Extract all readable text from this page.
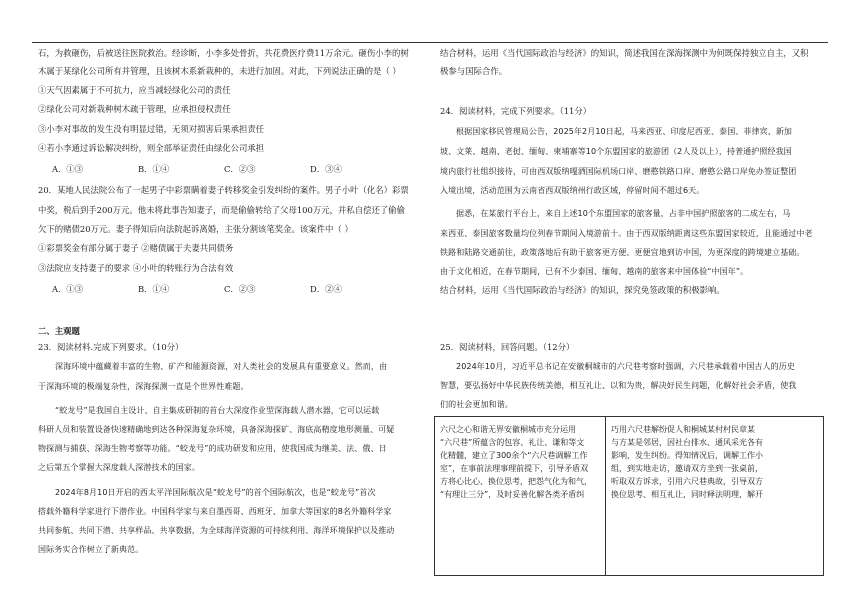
石，为救砸伤，后被送往医院救治。经诊断，小李多处骨折，共花费医疗费11万余元。砸伤小李的树
木属于某绿化公司所有并管理，且该树木系新栽种的，未进行加固。对此，下列说法正确的是（ ）
①天气因素属于不可抗力，应当减轻绿化公司的责任
②绿化公司对新栽种树木疏于管理，应承担侵权责任
③小李对事故的发生没有明显过错，无须对损害后果承担责任
④若小李通过诉讼解决纠纷，则全部举证责任由绿化公司承担
A．①③	B．①④	C．②③	D．③④
20．某地人民法院公布了一起男子中彩票瞒着妻子转移奖金引发纠纷的案件。男子小叶（化名）彩票
中奖，税后到手200万元。他未将此事告知妻子，而是偷偷转给了父母100万元，并私自偿还了偷偷
欠下的赌债20万元。妻子得知后向法院起诉离婚，主张分割该笔奖金。该案件中（ ）
①彩票奖金有部分属于妻子 ②赌债属于夫妻共同债务
③法院应支持妻子的要求 ④小叶的转账行为合法有效
A．①③	B．①④	C．②③	D．②④
二、主观题
23．阅读材料.完成下列要求。（10分）
深海环境中蕴藏着丰富的生物、矿产和能源资源，对人类社会的发展具有重要意义。然而，由
于深海环境的极端复杂性，深海探测一直是个世界性难题。
“蛟龙号”是我国自主设计、自主集成研制的首台大深度作业型深海载人潜水器，它可以运载
科研人员和装置设备快速精确地到达各种深海复杂环境，具备深海探矿、海底高精度地形测量、可疑
物探测与捕获、深海生物考察等功能。“蛟龙号”的成功研发和应用，使我国成为继美、法、俄、日
之后第五个掌握大深度载人深潜技术的国家。
2024年8月10日开启的西太平洋国际航次是“蛟龙号”的首个国际航次，也是“蛟龙号”首次
搭载外籍科学家进行下潜作业。中国科学家与来自墨西哥、西班牙、加拿大等国家的8名外籍科学家
共同参航、共同下潜、共享样品、共享数据，为全球海洋资源的可持续利用、海洋环境保护以及推动
国际务实合作树立了新典范。
结合材料，运用《当代国际政治与经济》的知识，简述我国在深海探测中为何既保持独立自主，又积
极参与国际合作。
24．阅读材料，完成下列要求。（11分）
根据国家移民管理局公告，2025年2月10日起，马来西亚、印度尼西亚、泰国、菲律宾、新加
坡、文莱、越南、老挝、缅甸、柬埔寨等10个东盟国家的旅游团（2人及以上），持普通护照经我国
境内旅行社组织接待，可由西双版纳嘎洒国际机场口岸、磨憨铁路口岸、磨憨公路口岸免办签证整团
入境出境，活动范围为云南省西双版纳州行政区域，停留时间不超过6天。
据悉，在某旅行平台上，来自上述10个东盟国家的旅客量，占非中国护照旅客的二成左右，马
来西亚、泰国旅客数量均位列春节期间入境游前十。由于西双版纳距离这些东盟国家较近，且能通过中老
铁路和陆路交通前往，政策落地后有助于旅客更方便、更便宜地到访中国，为更深度的跨境建立基础。
由于文化相近，在春节期间，已有不少泰国、缅甸、越南的旅客来中国体验“中国年”。
结合材料，运用《当代国际政治与经济》的知识，探究免签政策的积极影响。
25．阅读材料，回答问题。（12分）
2024年10月，习近平总书记在安徽桐城市的六尺巷考察时强调，六尺巷承载着中国古人的历史
智慧，要弘扬好中华民族传统美德，相互礼让、以和为贵，解决好民生问题，化解好社会矛盾，使我
们的社会更加和谐。
六尺之心和谐无界安徽桐城市充分运用
“六尺巷”所蕴含的包容、礼让、谦和等文
化精髓，建立了300余个“六尺巷调解工作
室”，在事前法理事理前提下，引导矛盾双
方将心比心、换位思考，把怨气化为和气，
“有理让三分”，及时妥善化解各类矛盾纠
巧用六尺巷解纷促人和桐城某村村民章某
与方某是邻居，因社台排水、通风采光各有
影响，发生纠纷。得知情况后，调解工作小
组，到实地走访，邀请双方坐到一张桌前，
听取双方诉求，引用六尺巷典故，引导双方
换位思考、相互礼让，同时释法明理，解开
